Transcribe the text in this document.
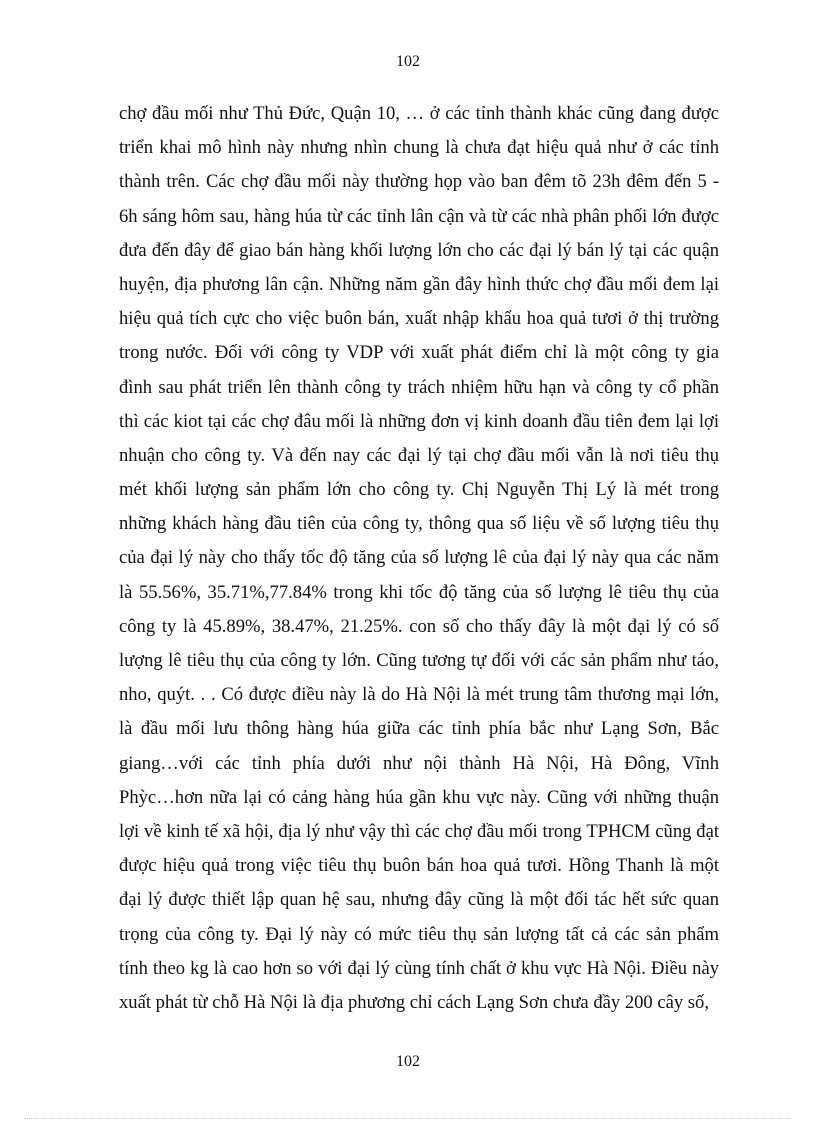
102
chợ đầu mối như Thủ Đức, Quận 10, … ở các tỉnh thành khác cũng đang được
triển khai mô hình này nhưng nhìn chung là chưa đạt hiệu quả như ở các tỉnh
thành trên. Các chợ đầu mối này thường họp vào ban đêm tõ 23h đêm đến 5 -
6h sáng hôm sau, hàng húa từ các tỉnh lân cận và từ các nhà phân phối lớn được
đưa đến đây để giao bán hàng khối lượng lớn cho các đại lý bán lý tại các quận
huyện, địa phương lân cận. Những năm gần đây hình thức chợ đầu mối đem lại
hiệu quả tích cực cho việc buôn bán, xuất nhập khẩu hoa quả tươi ở thị trường
trong nước. Đối với công ty VDP với xuất phát điểm chỉ là một công ty gia
đình sau phát triển lên thành công ty trách nhiệm hữu hạn và công ty cổ phần
thì các kiot tại các chợ đâu mối là những đơn vị kinh doanh đầu tiên đem lại lợi
nhuận cho công ty. Và đến nay các đại lý tại chợ đầu mối vẫn là nơi tiêu thụ
mét khối lượng sản phẩm lớn cho công ty. Chị Nguyễn Thị Lý là mét trong
những khách hàng đầu tiên của công ty, thông qua số liệu về số lượng tiêu thụ
của đại lý này cho thấy tốc độ tăng của số lượng lê của đại lý này qua các năm
là 55.56%, 35.71%,77.84% trong khi tốc độ tăng của số lượng lê tiêu thụ của
công ty là 45.89%, 38.47%, 21.25%. con số cho thấy đây là một đại lý có số
lượng lê tiêu thụ của công ty lớn. Cũng tương tự đối với các sản phẩm như táo,
nho, quýt. . . Có được điều này là do Hà Nội là mét trung tâm thương mại lớn,
là đầu mối lưu thông hàng húa giữa các tỉnh phía bắc như Lạng Sơn, Bắc
giang…với các tỉnh phía dưới như nội thành Hà Nội, Hà Đông, Vĩnh
Phỳc…hơn nữa lại có cảng hàng húa gần khu vực này. Cũng với những thuận
lợi về kinh tế xã hội, địa lý như vậy thì các chợ đầu mối trong TPHCM cũng đạt
được hiệu quả trong việc tiêu thụ buôn bán hoa quả tươi. Hồng Thanh là một
đại lý được thiết lập quan hệ sau, nhưng đây cũng là một đối tác hết sức quan
trọng của công ty. Đại lý này có mức tiêu thụ sản lượng tất cả các sản phẩm
tính theo kg là cao hơn so với đại lý cùng tính chất ở khu vực Hà Nội. Điều này
xuất phát từ chỗ Hà Nội là địa phương chỉ cách Lạng Sơn chưa đầy 200 cây số,
102
